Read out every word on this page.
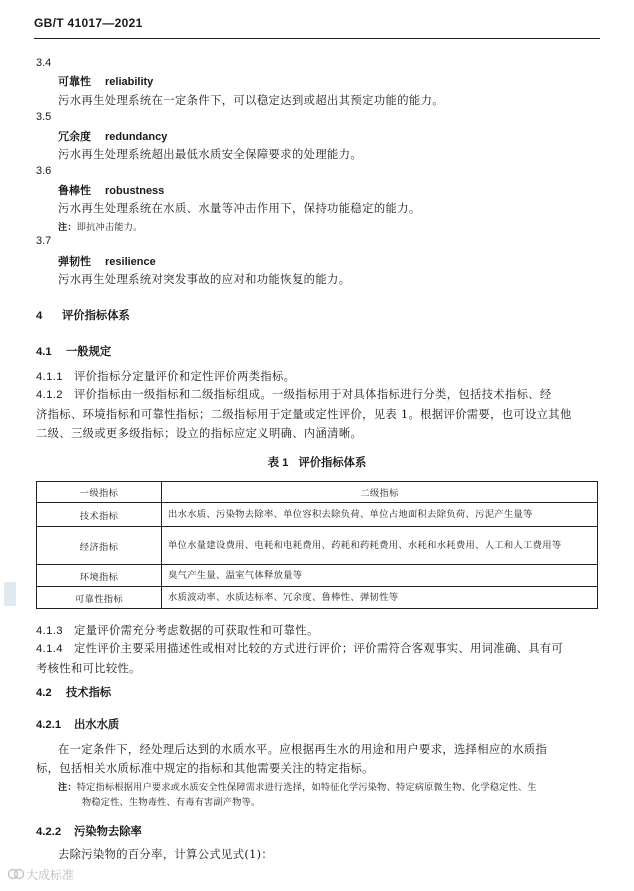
GB/T 41017—2021
3.4
可靠性 reliability
污水再生处理系统在一定条件下，可以稳定达到或超出其预定功能的能力。
3.5
冗余度 redundancy
污水再生处理系统超出最低水质安全保障要求的处理能力。
3.6
鲁棒性 robustness
污水再生处理系统在水质、水量等冲击作用下，保持功能稳定的能力。
注：即抗冲击能力。
3.7
弹韧性 resilience
污水再生处理系统对突发事故的应对和功能恢复的能力。
4 评价指标体系
4.1 一般规定
4.1.1 评价指标分定量评价和定性评价两类指标。
4.1.2 评价指标由一级指标和二级指标组成。一级指标用于对具体指标进行分类，包括技术指标、经
济指标、环境指标和可靠性指标；二级指标用于定量或定性评价，见表 1。根据评价需要，也可设立其他
二级、三级或更多级指标；设立的指标应定义明确、内涵清晰。
表 1 评价指标体系
一级指标	二级指标
技术指标	出水水质、污染物去除率、单位容积去除负荷、单位占地面积去除负荷、污泥产生量等
经济指标	单位水量建设费用、电耗和电耗费用、药耗和药耗费用、水耗和水耗费用、人工和人工费用等
环境指标	臭气产生量、温室气体释放量等
可靠性指标	水质波动率、水质达标率、冗余度、鲁棒性、弹韧性等
4.1.3 定量评价需充分考虑数据的可获取性和可靠性。
4.1.4 定性评价主要采用描述性或相对比较的方式进行评价；评价需符合客观事实、用词准确、具有可
考核性和可比较性。
4.2 技术指标
4.2.1 出水水质
在一定条件下，经处理后达到的水质水平。应根据再生水的用途和用户要求，选择相应的水质指
标，包括相关水质标准中规定的指标和其他需要关注的特定指标。
注：特定指标根据用户要求或水质安全性保障需求进行选择，如特征化学污染物、特定病原微生物、化学稳定性、生
物稳定性、生物毒性、有毒有害副产物等。
4.2.2 污染物去除率
去除污染物的百分率，计算公式见式(1)：
大成标准
